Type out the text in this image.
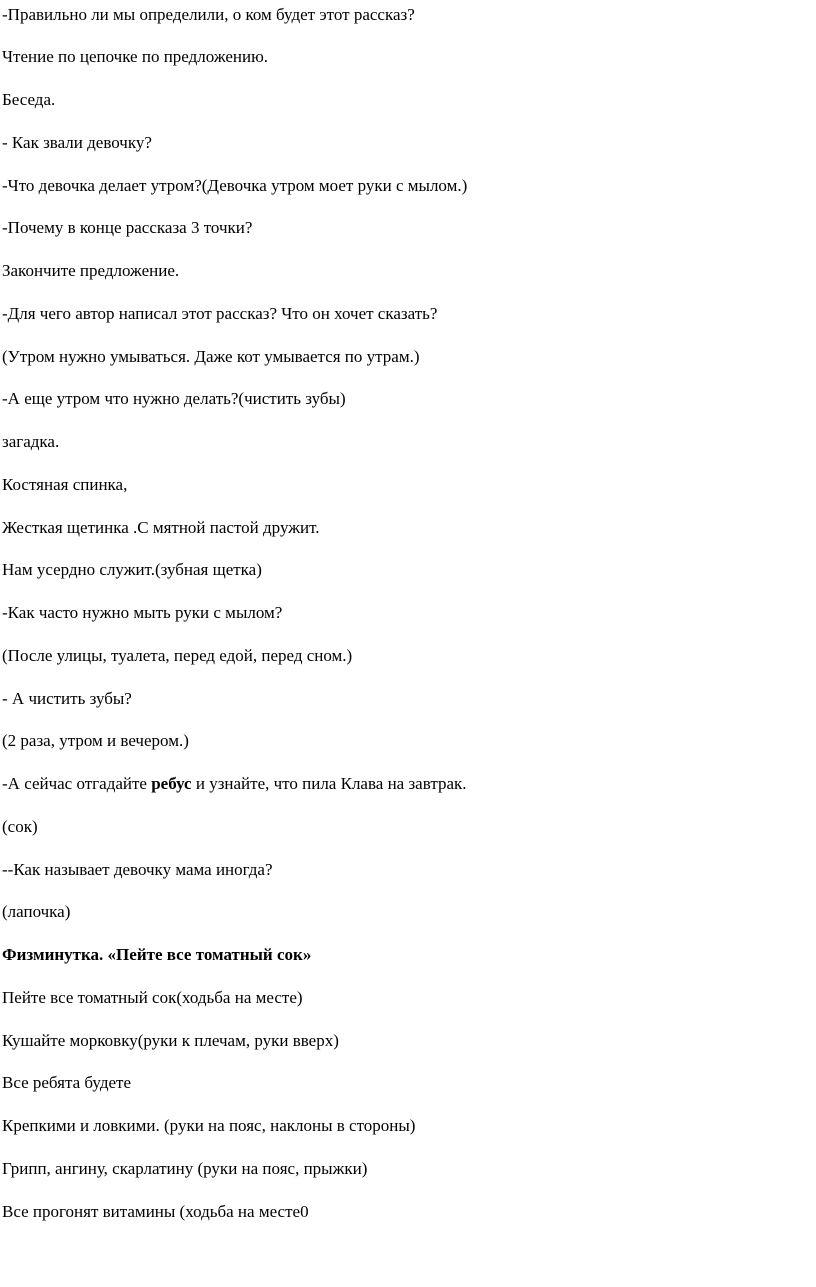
-Правильно ли мы определили, о ком будет этот рассказ?
Чтение по цепочке по предложению.
Беседа.
- Как звали девочку?
-Что девочка делает утром?(Девочка утром моет руки с мылом.)
-Почему в конце рассказа 3 точки?
Закончите предложение.
-Для чего автор написал этот рассказ? Что он хочет сказать?
(Утром нужно умываться. Даже кот умывается по утрам.)
-А еще утром что нужно делать?(чистить зубы)
загадка.
Костяная спинка,
Жесткая щетинка .С мятной пастой дружит.
Нам усердно служит.(зубная щетка)
-Как часто нужно мыть руки с мылом?
(После улицы, туалета, перед едой, перед сном.)
- А чистить зубы?
(2 раза, утром и вечером.)
-А сейчас отгадайте ребус и узнайте, что пила Клава на завтрак.
(сок)
--Как называет девочку мама иногда?
(лапочка)
Физминутка. «Пейте все томатный сок»
Пейте все томатный сок(ходьба на месте)
Кушайте морковку(руки к плечам, руки вверх)
Все ребята будете
Крепкими и ловкими. (руки на пояс, наклоны в стороны)
Грипп, ангину, скарлатину (руки на пояс, прыжки)
Все прогонят витамины (ходьба на месте0
